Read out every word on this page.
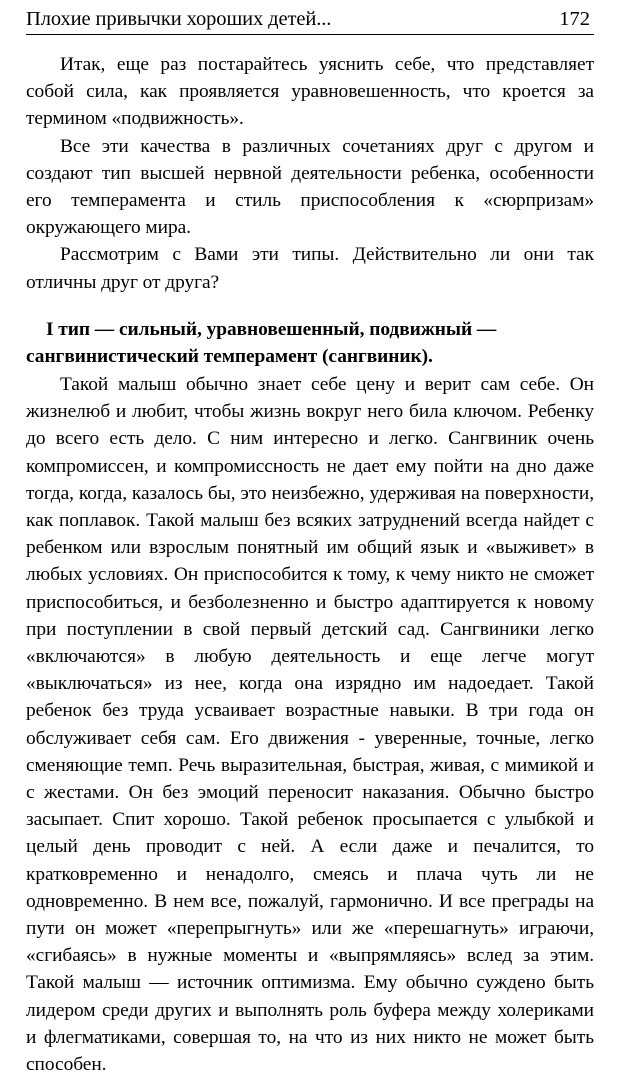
Плохие привычки хороших детей...	172

Итак, еще раз постарайтесь уяснить себе, что представляет собой сила, как проявляется уравновешенность, что кроется за термином «подвижность».

Все эти качества в различных сочетаниях друг с другом и создают тип высшей нервной деятельности ребенка, особенности его темперамента и стиль приспособления к «сюрпризам» окружающего мира.

Рассмотрим с Вами эти типы. Действительно ли они так отличны друг от друга?

I тип — сильный, уравновешенный, подвижный —
сангвинистический темперамент (сангвиник).

Такой малыш обычно знает себе цену и верит сам себе. Он жизнелюб и любит, чтобы жизнь вокруг него била ключом. Ребенку до всего есть дело. С ним интересно и легко. Сангвиник очень компромиссен, и компромиссность не дает ему пойти на дно даже тогда, когда, казалось бы, это неизбежно, удерживая на поверхности, как поплавок. Такой малыш без всяких затруднений всегда найдет с ребенком или взрослым понятный им общий язык и «выживет» в любых условиях. Он приспособится к тому, к чему никто не сможет приспособиться, и безболезненно и быстро адаптируется к новому при поступлении в свой первый детский сад. Сангвиники легко «включаются» в любую деятельность и еще легче могут «выключаться» из нее, когда она изрядно им надоедает. Такой ребенок без труда усваивает возрастные навыки. В три года он обслуживает себя сам. Его движения - уверенные, точные, легко сменяющие темп. Речь выразительная, быстрая, живая, с мимикой и с жестами. Он без эмоций переносит наказания. Обычно быстро засыпает. Спит хорошо. Такой ребенок просыпается с улыбкой и целый день проводит с ней. А если даже и печалится, то кратковременно и ненадолго, смеясь и плача чуть ли не одновременно. В нем все, пожалуй, гармонично. И все преграды на пути он может «перепрыгнуть» или же «перешагнуть» играючи, «сгибаясь» в нужные моменты и «выпрямляясь» вслед за этим. Такой малыш — источник оптимизма. Ему обычно суждено быть лидером среди других и выполнять роль буфера между холериками и флегматиками, совершая то, на что из них никто не может быть способен.
